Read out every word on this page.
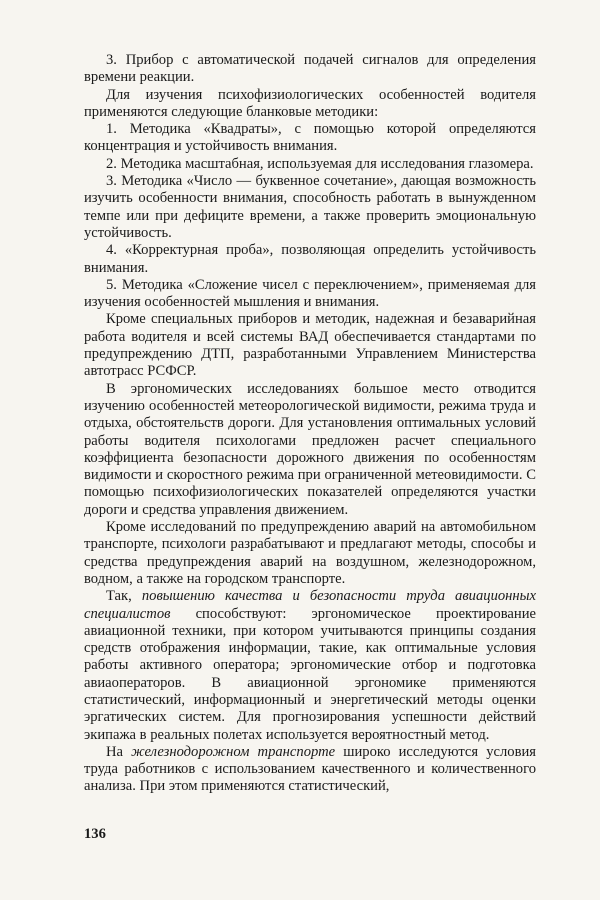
3. Прибор с автоматической подачей сигналов для определения времени реакции.

Для изучения психофизиологических особенностей водителя применяются следующие бланковые методики:

1. Методика «Квадраты», с помощью которой определяются концентрация и устойчивость внимания.

2. Методика масштабная, используемая для исследования глазомера.

3. Методика «Число — буквенное сочетание», дающая возможность изучить особенности внимания, способность работать в вынужденном темпе или при дефиците времени, а также проверить эмоциональную устойчивость.

4. «Корректурная проба», позволяющая определить устойчивость внимания.

5. Методика «Сложение чисел с переключением», применяемая для изучения особенностей мышления и внимания.

Кроме специальных приборов и методик, надежная и безаварийная работа водителя и всей системы ВАД обеспечивается стандартами по предупреждению ДТП, разработанными Управлением Министерства автотрасс РСФСР.

В эргономических исследованиях большое место отводится изучению особенностей метеорологической видимости, режима труда и отдыха, обстоятельств дороги. Для установления оптимальных условий работы водителя психологами предложен расчет специального коэффициента безопасности дорожного движения по особенностям видимости и скоростного режима при ограниченной метеовидимости. С помощью психофизиологических показателей определяются участки дороги и средства управления движением.

Кроме исследований по предупреждению аварий на автомобильном транспорте, психологи разрабатывают и предлагают методы, способы и средства предупреждения аварий на воздушном, железнодорожном, водном, а также на городском транспорте.

Так, повышению качества и безопасности труда авиационных специалистов способствуют: эргономическое проектирование авиационной техники, при котором учитываются принципы создания средств отображения информации, такие, как оптимальные условия работы активного оператора; эргономические отбор и подготовка авиаоператоров. В авиационной эргономике применяются статистический, информационный и энергетический методы оценки эргатических систем. Для прогнозирования успешности действий экипажа в реальных полетах используется вероятностный метод.

На железнодорожном транспорте широко исследуются условия труда работников с использованием качественного и количественного анализа. При этом применяются статистический,

136
